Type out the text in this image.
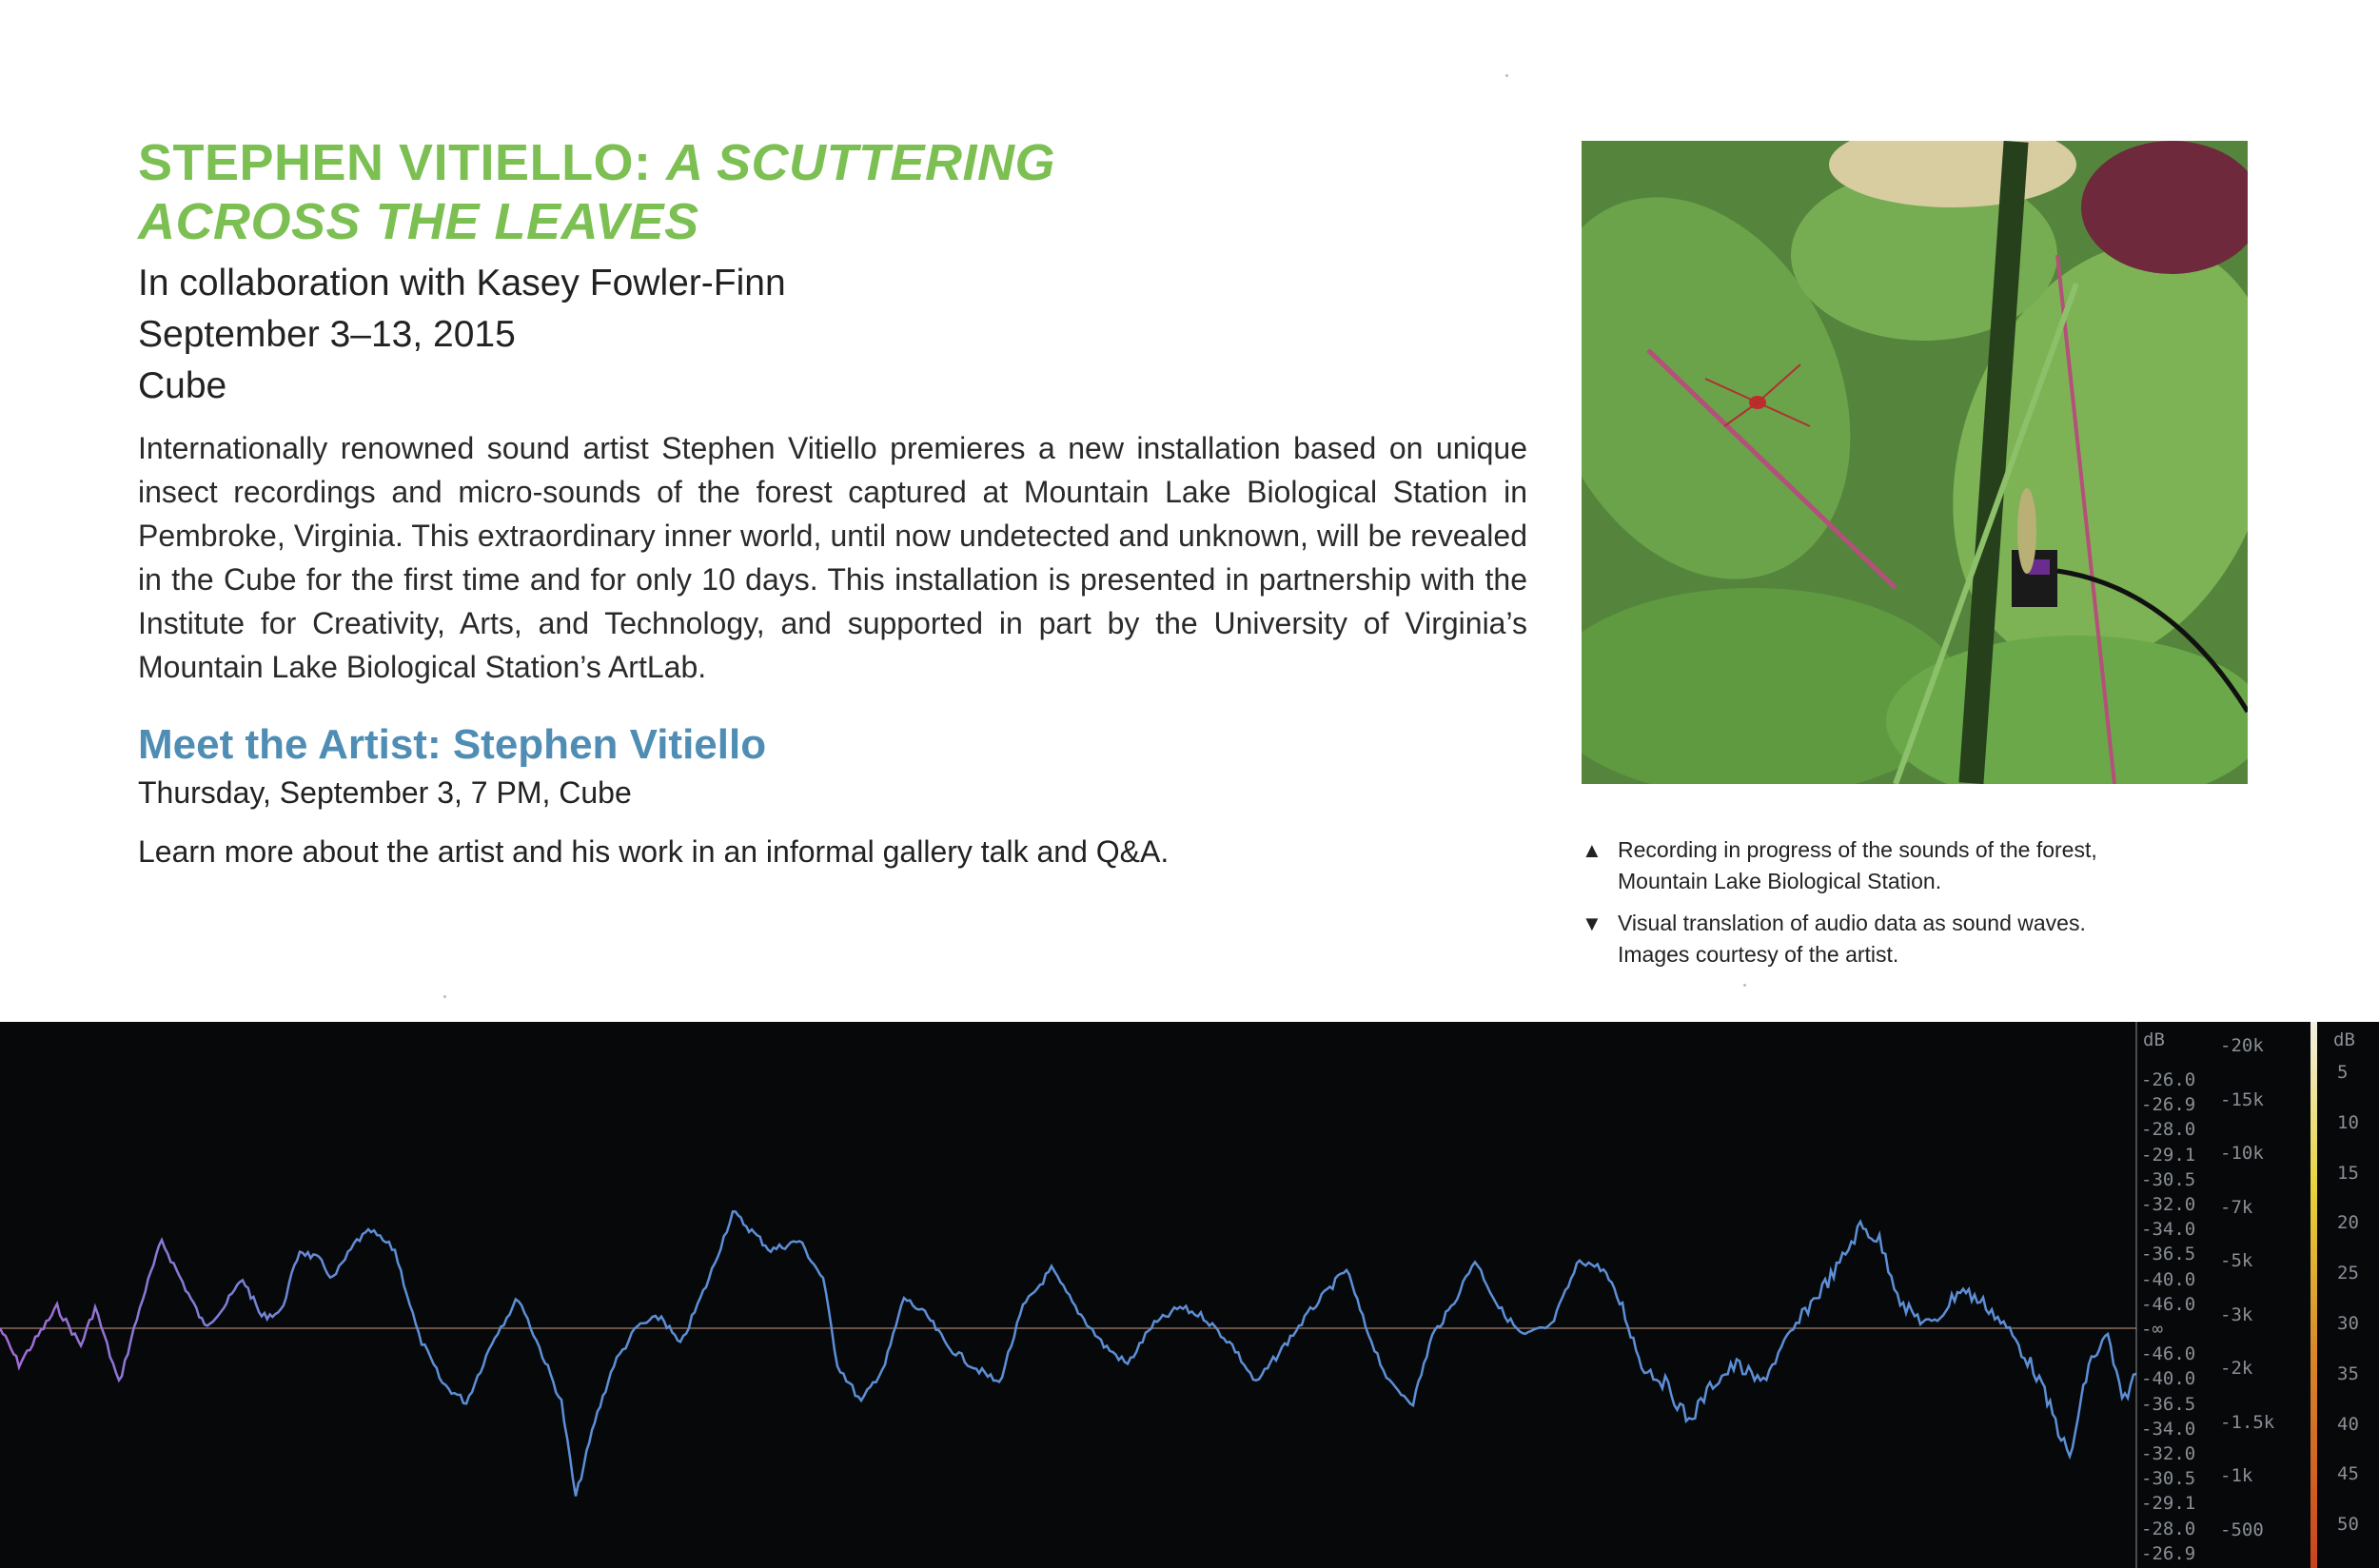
STEPHEN VITIELLO: A SCUTTERING
ACROSS THE LEAVES
In collaboration with Kasey Fowler-Finn
September 3–13, 2015
Cube

Internationally renowned sound artist Stephen Vitiello premieres a new installation based on unique insect recordings and micro-sounds of the forest captured at Mountain Lake Biological Station in Pembroke, Virginia. This extraordinary inner world, until now undetected and unknown, will be revealed in the Cube for the first time and for only 10 days. This installation is presented in partnership with the Institute for Creativity, Arts, and Technology, and supported in part by the University of Virginia’s Mountain Lake Biological Station’s ArtLab.

Meet the Artist: Stephen Vitiello
Thursday, September 3, 7 PM, Cube

Learn more about the artist and his work in an informal gallery talk and Q&A.	▲ Recording in progress of the sounds of the forest,
Mountain Lake Biological Station.
▼ Visual translation of audio data as sound waves.
Images courtesy of the artist.
dB
-26.0
-26.9
-28.0
-29.1
-30.5
-32.0
-34.0
-36.5
-40.0
-46.0
-∞
-46.0
-40.0
-36.5
-34.0
-32.0
-30.5
-29.1
-28.0
-26.9
-20k
-15k
-10k
-7k
-5k
-3k
-2k
-1.5k
-1k
-500
dB
5
10
15
20
25
30
35
40
45
50
